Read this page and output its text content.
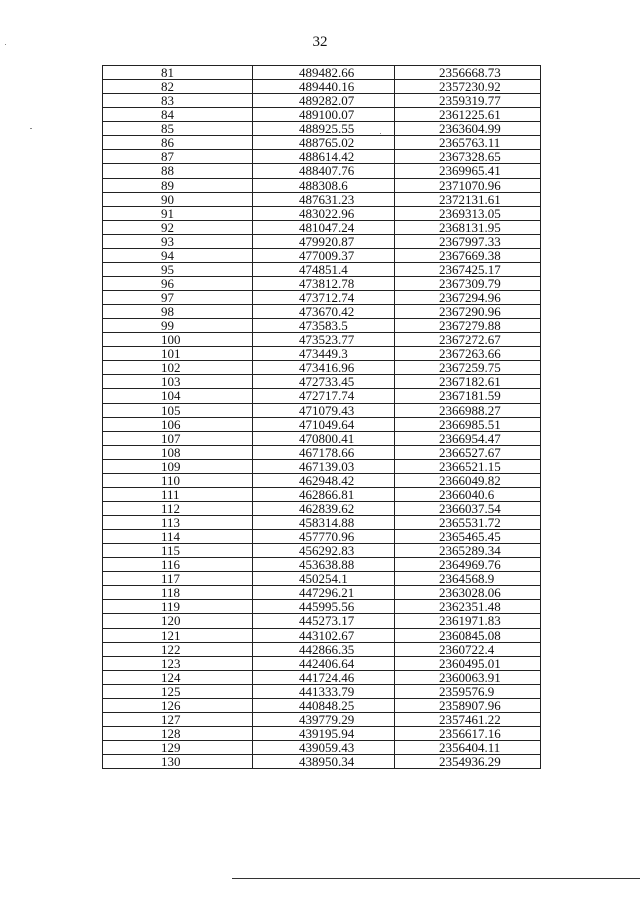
32
81	489482.66	2356668.73
82	489440.16	2357230.92
83	489282.07	2359319.77
84	489100.07	2361225.61
85	488925.55	2363604.99
86	488765.02	2365763.11
87	488614.42	2367328.65
88	488407.76	2369965.41
89	488308.6	2371070.96
90	487631.23	2372131.61
91	483022.96	2369313.05
92	481047.24	2368131.95
93	479920.87	2367997.33
94	477009.37	2367669.38
95	474851.4	2367425.17
96	473812.78	2367309.79
97	473712.74	2367294.96
98	473670.42	2367290.96
99	473583.5	2367279.88
100	473523.77	2367272.67
101	473449.3	2367263.66
102	473416.96	2367259.75
103	472733.45	2367182.61
104	472717.74	2367181.59
105	471079.43	2366988.27
106	471049.64	2366985.51
107	470800.41	2366954.47
108	467178.66	2366527.67
109	467139.03	2366521.15
110	462948.42	2366049.82
111	462866.81	2366040.6
112	462839.62	2366037.54
113	458314.88	2365531.72
114	457770.96	2365465.45
115	456292.83	2365289.34
116	453638.88	2364969.76
117	450254.1	2364568.9
118	447296.21	2363028.06
119	445995.56	2362351.48
120	445273.17	2361971.83
121	443102.67	2360845.08
122	442866.35	2360722.4
123	442406.64	2360495.01
124	441724.46	2360063.91
125	441333.79	2359576.9
126	440848.25	2358907.96
127	439779.29	2357461.22
128	439195.94	2356617.16
129	439059.43	2356404.11
130	438950.34	2354936.29
